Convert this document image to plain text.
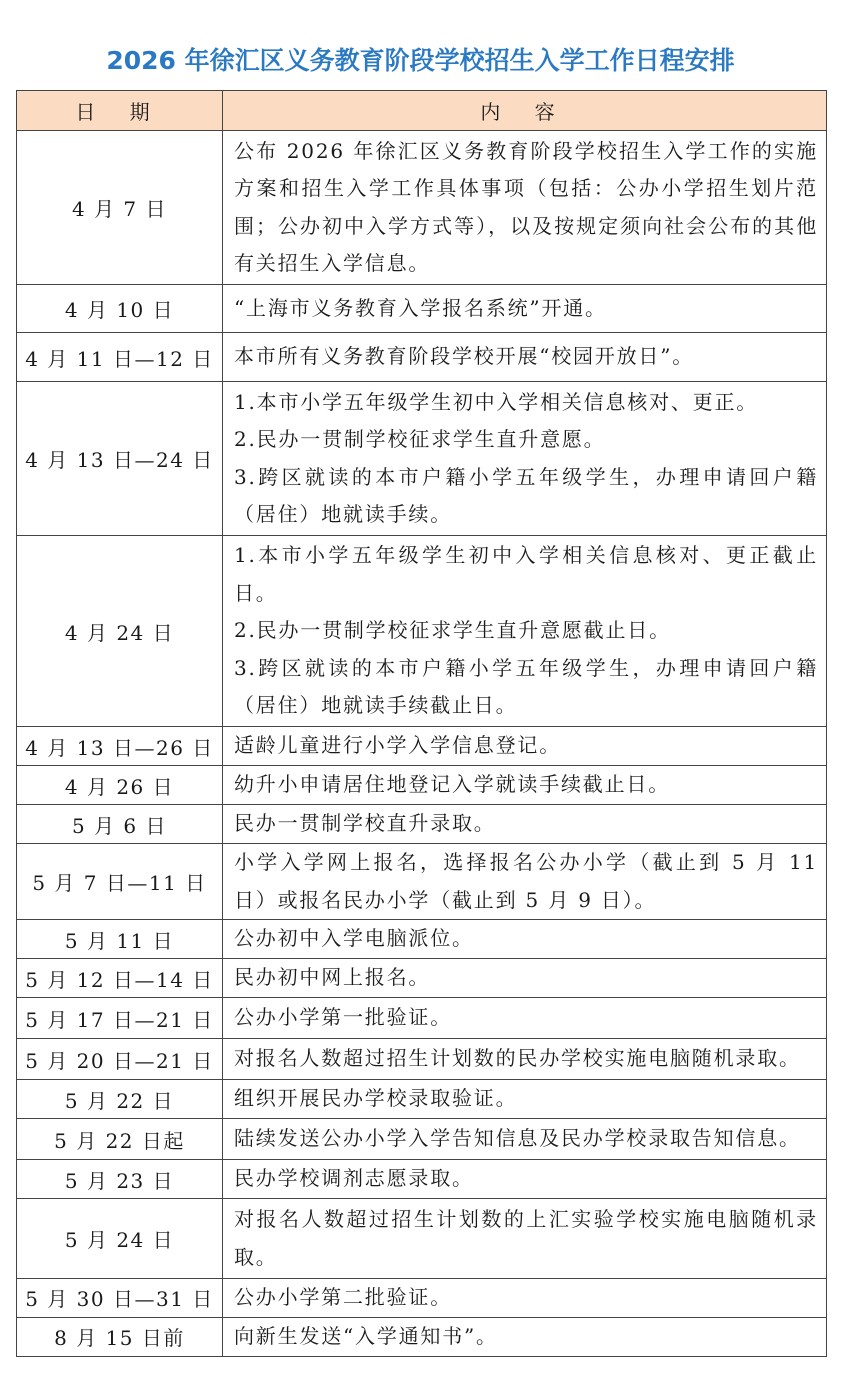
2026 年徐汇区义务教育阶段学校招生入学工作日程安排
日 期	内 容
4 月 7 日	公布 2026 年徐汇区义务教育阶段学校招生入学工作的实施方案和招生入学工作具体事项（包括：公办小学招生划片范围；公办初中入学方式等），以及按规定须向社会公布的其他有关招生入学信息。

4 月 10 日	“上海市义务教育入学报名系统”开通。

4 月 11 日—12 日	本市所有义务教育阶段学校开展“校园开放日”。

4 月 13 日—24 日	1.本市小学五年级学生初中入学相关信息核对、更正。
2.民办一贯制学校征求学生直升意愿。
3.跨区就读的本市户籍小学五年级学生，办理申请回户籍（居住）地就读手续。

4 月 24 日	1.本市小学五年级学生初中入学相关信息核对、更正截止日。
2.民办一贯制学校征求学生直升意愿截止日。
3.跨区就读的本市户籍小学五年级学生，办理申请回户籍（居住）地就读手续截止日。

4 月 13 日—26 日	适龄儿童进行小学入学信息登记。

4 月 26 日	幼升小申请居住地登记入学就读手续截止日。

5 月 6 日	民办一贯制学校直升录取。

5 月 7 日—11 日	小学入学网上报名，选择报名公办小学（截止到 5 月 11 日）或报名民办小学（截止到 5 月 9 日）。

5 月 11 日	公办初中入学电脑派位。

5 月 12 日—14 日	民办初中网上报名。

5 月 17 日—21 日	公办小学第一批验证。

5 月 20 日—21 日	对报名人数超过招生计划数的民办学校实施电脑随机录取。

5 月 22 日	组织开展民办学校录取验证。

5 月 22 日起	陆续发送公办小学入学告知信息及民办学校录取告知信息。

5 月 23 日	民办学校调剂志愿录取。

5 月 24 日	对报名人数超过招生计划数的上汇实验学校实施电脑随机录取。

5 月 30 日—31 日	公办小学第二批验证。

8 月 15 日前	向新生发送“入学通知书”。
